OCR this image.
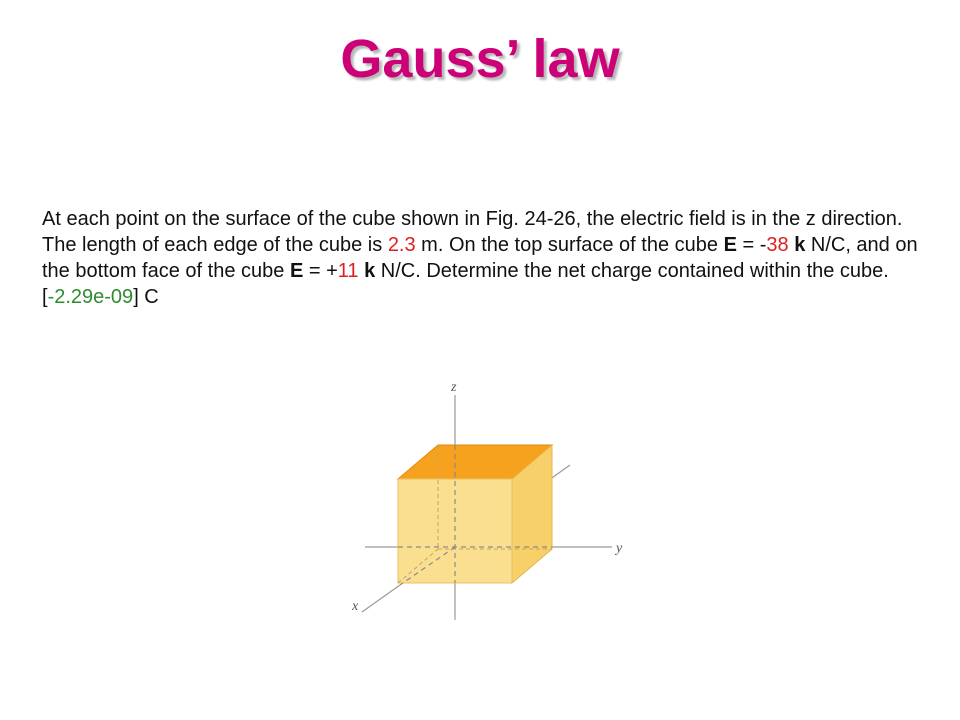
Gauss’ law
At each point on the surface of the cube shown in Fig. 24-26, the electric field is in the z direction. The length of each edge of the cube is 2.3 m. On the top surface of the cube E = -38 k N/C, and on the bottom face of the cube E = +11 k N/C. Determine the net charge contained within the cube.
[-2.29e-09] C
z
y
x
